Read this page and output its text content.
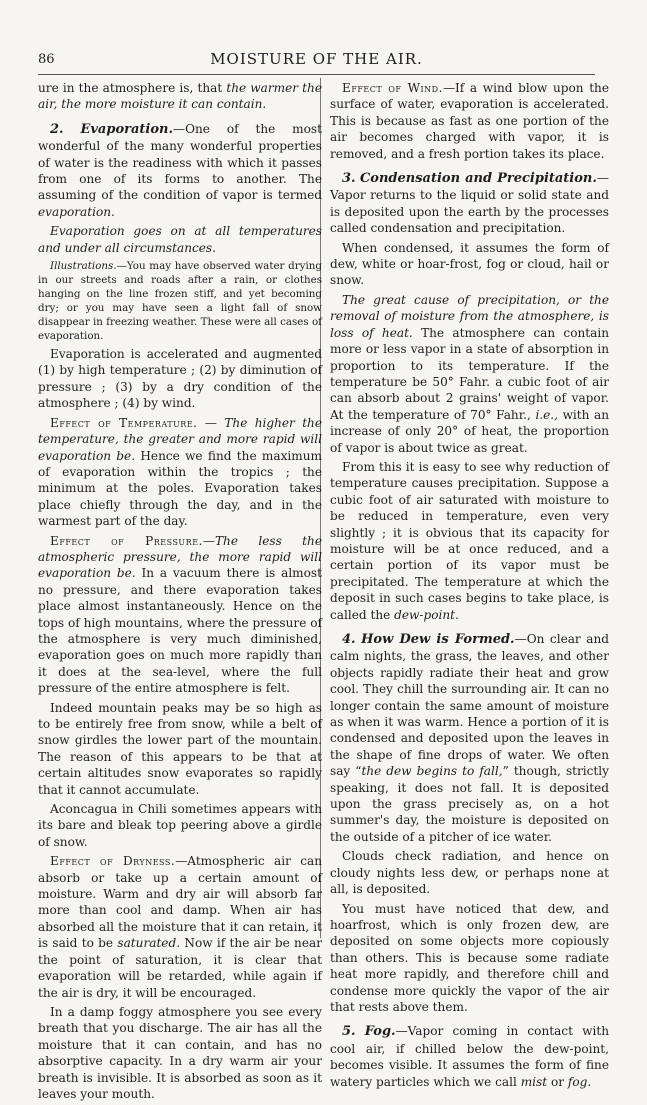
86	MOISTURE OF THE AIR.

ure in the atmosphere is, that the warmer the air, the more moisture it can contain.

2. Evaporation.—One of the most wonderful of the many wonderful properties of water is the readiness with which it passes from one of its forms to another. The assuming of the condition of vapor is termed evaporation.

Evaporation goes on at all temperatures and under all circumstances.

Illustrations.—You may have observed water drying in our streets and roads after a rain, or clothes hanging on the line frozen stiff, and yet becoming dry; or you may have seen a light fall of snow disappear in freezing weather. These were all cases of evaporation.

Evaporation is accelerated and augmented (1) by high temperature ; (2) by diminution of pressure ; (3) by a dry condition of the atmosphere ; (4) by wind.

Effect of Temperature. — The higher the temperature, the greater and more rapid will evaporation be. Hence we find the maximum of evaporation within the tropics ; the minimum at the poles. Evaporation takes place chiefly through the day, and in the warmest part of the day.

Effect of Pressure.—The less the atmospheric pressure, the more rapid will evaporation be. In a vacuum there is almost no pressure, and there evaporation takes place almost instantaneously. Hence on the tops of high mountains, where the pressure of the atmosphere is very much diminished, evaporation goes on much more rapidly than it does at the sea-level, where the full pressure of the entire atmosphere is felt.

Indeed mountain peaks may be so high as to be entirely free from snow, while a belt of snow girdles the lower part of the mountain. The reason of this appears to be that at certain altitudes snow evaporates so rapidly that it cannot accumulate.

Aconcagua in Chili sometimes appears with its bare and bleak top peering above a girdle of snow.

Effect of Dryness.—Atmospheric air can absorb or take up a certain amount of moisture. Warm and dry air will absorb far more than cool and damp. When air has absorbed all the moisture that it can retain, it is said to be saturated. Now if the air be near the point of saturation, it is clear that evaporation will be retarded, while again if the air is dry, it will be encouraged.

In a damp foggy atmosphere you see every breath that you discharge. The air has all the moisture that it can contain, and has no absorptive capacity. In a dry warm air your breath is invisible. It is absorbed as soon as it leaves your mouth.

Effect of Wind.—If a wind blow upon the surface of water, evaporation is accelerated. This is because as fast as one portion of the air becomes charged with vapor, it is removed, and a fresh portion takes its place.

3. Condensation and Precipitation.—Vapor returns to the liquid or solid state and is deposited upon the earth by the processes called condensation and precipitation.

When condensed, it assumes the form of dew, white or hoar-frost, fog or cloud, hail or snow.

The great cause of precipitation, or the removal of moisture from the atmosphere, is loss of heat. The atmosphere can contain more or less vapor in a state of absorption in proportion to its temperature. If the temperature be 50° Fahr. a cubic foot of air can absorb about 2 grains' weight of vapor. At the temperature of 70° Fahr., i.e., with an increase of only 20° of heat, the proportion of vapor is about twice as great.

From this it is easy to see why reduction of temperature causes precipitation. Suppose a cubic foot of air saturated with moisture to be reduced in temperature, even very slightly ; it is obvious that its capacity for moisture will be at once reduced, and a certain portion of its vapor must be precipitated. The temperature at which the deposit in such cases begins to take place, is called the dew-point.

4. How Dew is Formed.—On clear and calm nights, the grass, the leaves, and other objects rapidly radiate their heat and grow cool. They chill the surrounding air. It can no longer contain the same amount of moisture as when it was warm. Hence a portion of it is condensed and deposited upon the leaves in the shape of fine drops of water. We often say “the dew begins to fall,” though, strictly speaking, it does not fall. It is deposited upon the grass precisely as, on a hot summer's day, the moisture is deposited on the outside of a pitcher of ice water.

Clouds check radiation, and hence on cloudy nights less dew, or perhaps none at all, is deposited.

You must have noticed that dew, and hoarfrost, which is only frozen dew, are deposited on some objects more copiously than others. This is because some radiate heat more rapidly, and therefore chill and condense more quickly the vapor of the air that rests above them.

5. Fog.—Vapor coming in contact with cool air, if chilled below the dew-point, becomes visible. It assumes the form of fine watery particles which we call mist or fog.
